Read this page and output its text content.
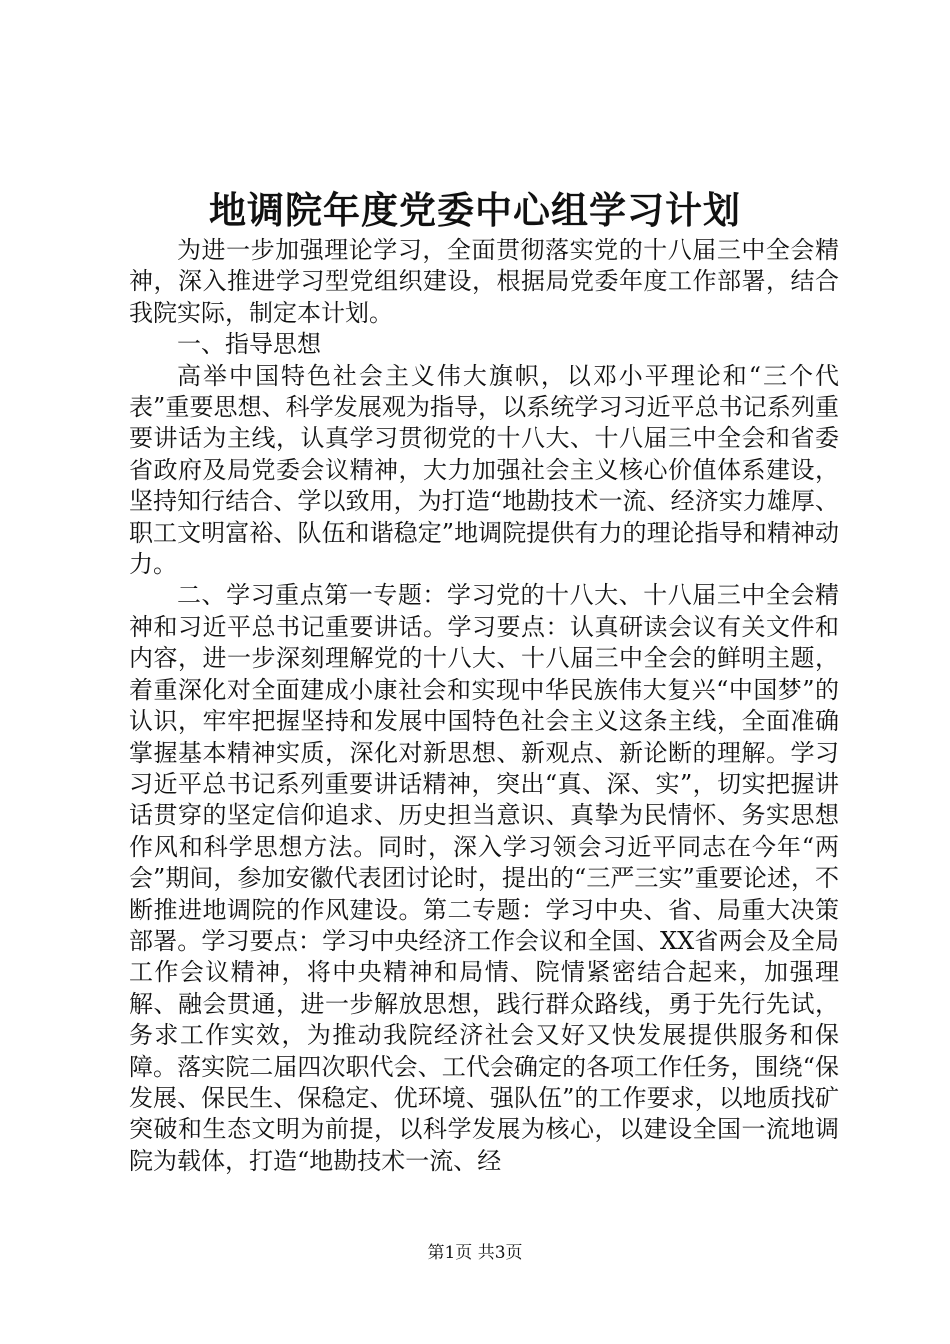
地调院年度党委中心组学习计划

为进一步加强理论学习，全面贯彻落实党的十八届三中全会精神，深入推进学习型党组织建设，根据局党委年度工作部署，结合我院实际，制定本计划。

一、指导思想

高举中国特色社会主义伟大旗帜，以邓小平理论和“三个代表”重要思想、科学发展观为指导，以系统学习习近平总书记系列重要讲话为主线，认真学习贯彻党的十八大、十八届三中全会和省委省政府及局党委会议精神，大力加强社会主义核心价值体系建设，坚持知行结合、学以致用，为打造“地勘技术一流、经济实力雄厚、职工文明富裕、队伍和谐稳定”地调院提供有力的理论指导和精神动力。

二、学习重点第一专题：学习党的十八大、十八届三中全会精神和习近平总书记重要讲话。学习要点：认真研读会议有关文件和内容，进一步深刻理解党的十八大、十八届三中全会的鲜明主题，着重深化对全面建成小康社会和实现中华民族伟大复兴“中国梦”的认识，牢牢把握坚持和发展中国特色社会主义这条主线，全面准确掌握基本精神实质，深化对新思想、新观点、新论断的理解。学习习近平总书记系列重要讲话精神，突出“真、深、实”，切实把握讲话贯穿的坚定信仰追求、历史担当意识、真挚为民情怀、务实思想作风和科学思想方法。同时，深入学习领会习近平同志在今年“两会”期间，参加安徽代表团讨论时，提出的“三严三实”重要论述，不断推进地调院的作风建设。第二专题：学习中央、省、局重大决策部署。学习要点：学习中央经济工作会议和全国、XX省两会及全局工作会议精神，将中央精神和局情、院情紧密结合起来，加强理解、融会贯通，进一步解放思想，践行群众路线，勇于先行先试，务求工作实效，为推动我院经济社会又好又快发展提供服务和保障。落实院二届四次职代会、工代会确定的各项工作任务，围绕“保发展、保民生、保稳定、优环境、强队伍”的工作要求，以地质找矿突破和生态文明为前提，以科学发展为核心，以建设全国一流地调院为载体，打造“地勘技术一流、经

第1页 共3页
